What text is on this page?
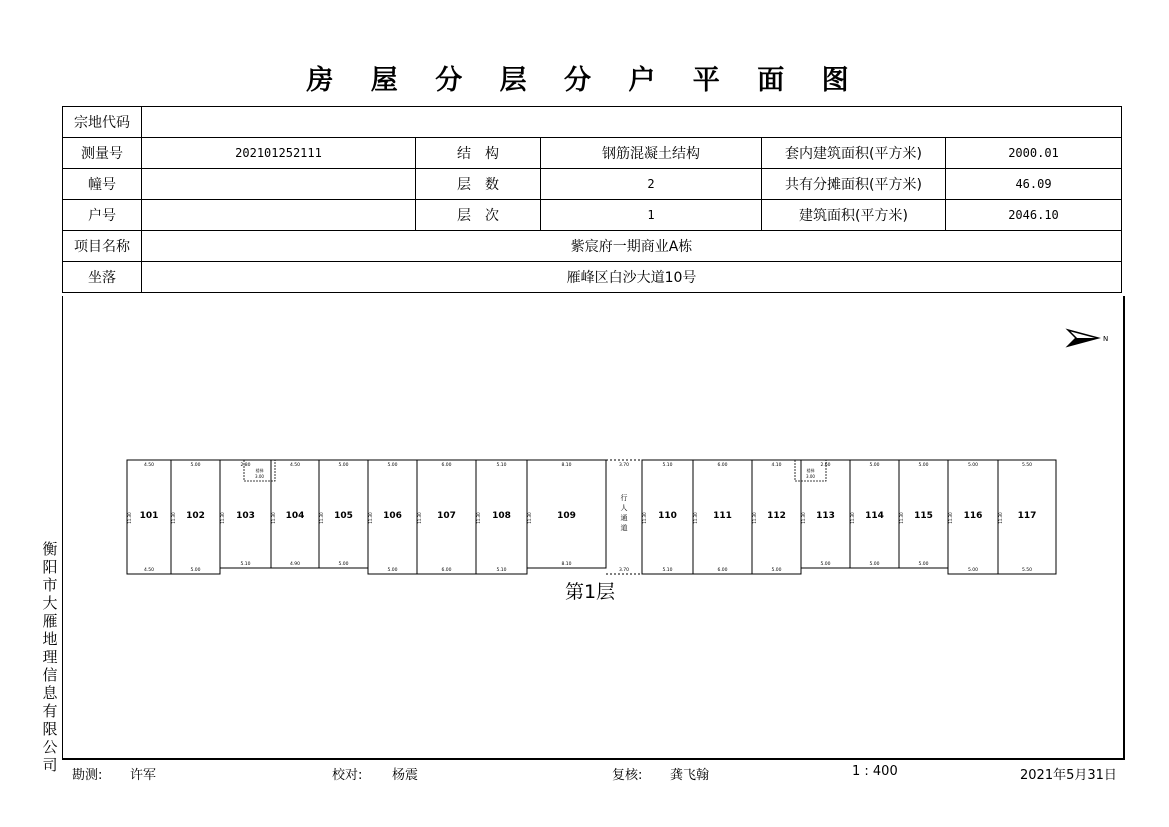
房 屋 分 层 分 户 平 面 图
宗地代码					
测量号	202101252111	结　构	钢筋混凝土结构	套内建筑面积(平方米)	2000.01
幢号		层　数	2	共有分摊面积(平方米)	46.09
户号		层　次	1	建筑面积(平方米)	2046.10
项目名称	紫宸府一期商业A栋				
坐落	雁峰区白沙大道10号				
N
101
11.30
4.50
4.50
102
11.30
5.00
5.00
103
11.30
2.80
5.10
104
11.30
4.50
4.90
105
11.30
5.00
5.00
106
11.30
5.00
5.00
107
11.30
6.00
6.00
108
11.30
5.10
5.10
109
11.30
8.10
8.10
行
人
通
道
3.70
3.70
110
11.30
5.10
5.10
111
11.30
6.00
6.00
112
11.30
4.10
5.00
113
11.30
2.60
5.00
114
11.30
5.00
5.00
115
11.30
5.00
5.00
116
11.30
5.00
5.00
117
11.30
5.50
5.50
楼梯
3.00
楼梯
3.00
第1层
衡
阳
市
大
雁
地
理
信
息
有
限
公
司
勘测: 许军	校对: 杨震	复核: 龚飞翰	1 : 400	2021年5月31日
